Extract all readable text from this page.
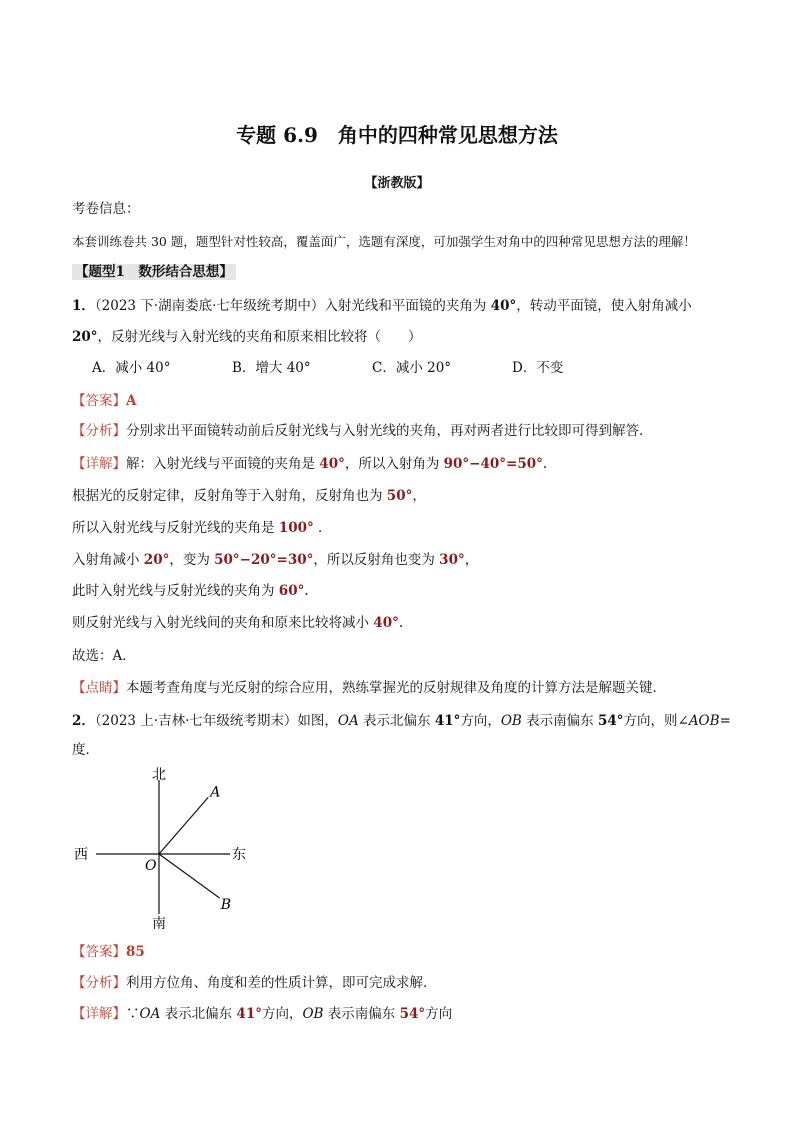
专题 6.9　角中的四种常见思想方法
【浙教版】
考卷信息：
本套训练卷共 30 题，题型针对性较高，覆盖面广，选题有深度，可加强学生对角中的四种常见思想方法的理解！
【题型1　数形结合思想】
1．（2023 下·湖南娄底·七年级统考期中）入射光线和平面镜的夹角为 40°，转动平面镜，使入射角减小
20°，反射光线与入射光线的夹角和原来相比较将（　　）
A．减小 40°	B．增大 40°	C．减小 20°	D．不变
【答案】A
【分析】分别求出平面镜转动前后反射光线与入射光线的夹角，再对两者进行比较即可得到解答．
【详解】解：入射光线与平面镜的夹角是 40°，所以入射角为 90°−40°=50°.
根据光的反射定律，反射角等于入射角，反射角也为 50°，
所以入射光线与反射光线的夹角是 100° ．
入射角减小 20°，变为 50°−20°=30°，所以反射角也变为 30°，
此时入射光线与反射光线的夹角为 60°.
则反射光线与入射光线间的夹角和原来比较将减小 40°.
故选：A．
【点睛】本题考查角度与光反射的综合应用，熟练掌握光的反射规律及角度的计算方法是解题关键．
2．（2023 上·吉林·七年级统考期末）如图，OA 表示北偏东 41°方向，OB 表示南偏东 54°方向，则∠AOB=
度．
北
南
西	东
O
A
B
【答案】85
【分析】利用方位角、角度和差的性质计算，即可完成求解．
【详解】∵OA 表示北偏东 41°方向，OB 表示南偏东 54°方向
